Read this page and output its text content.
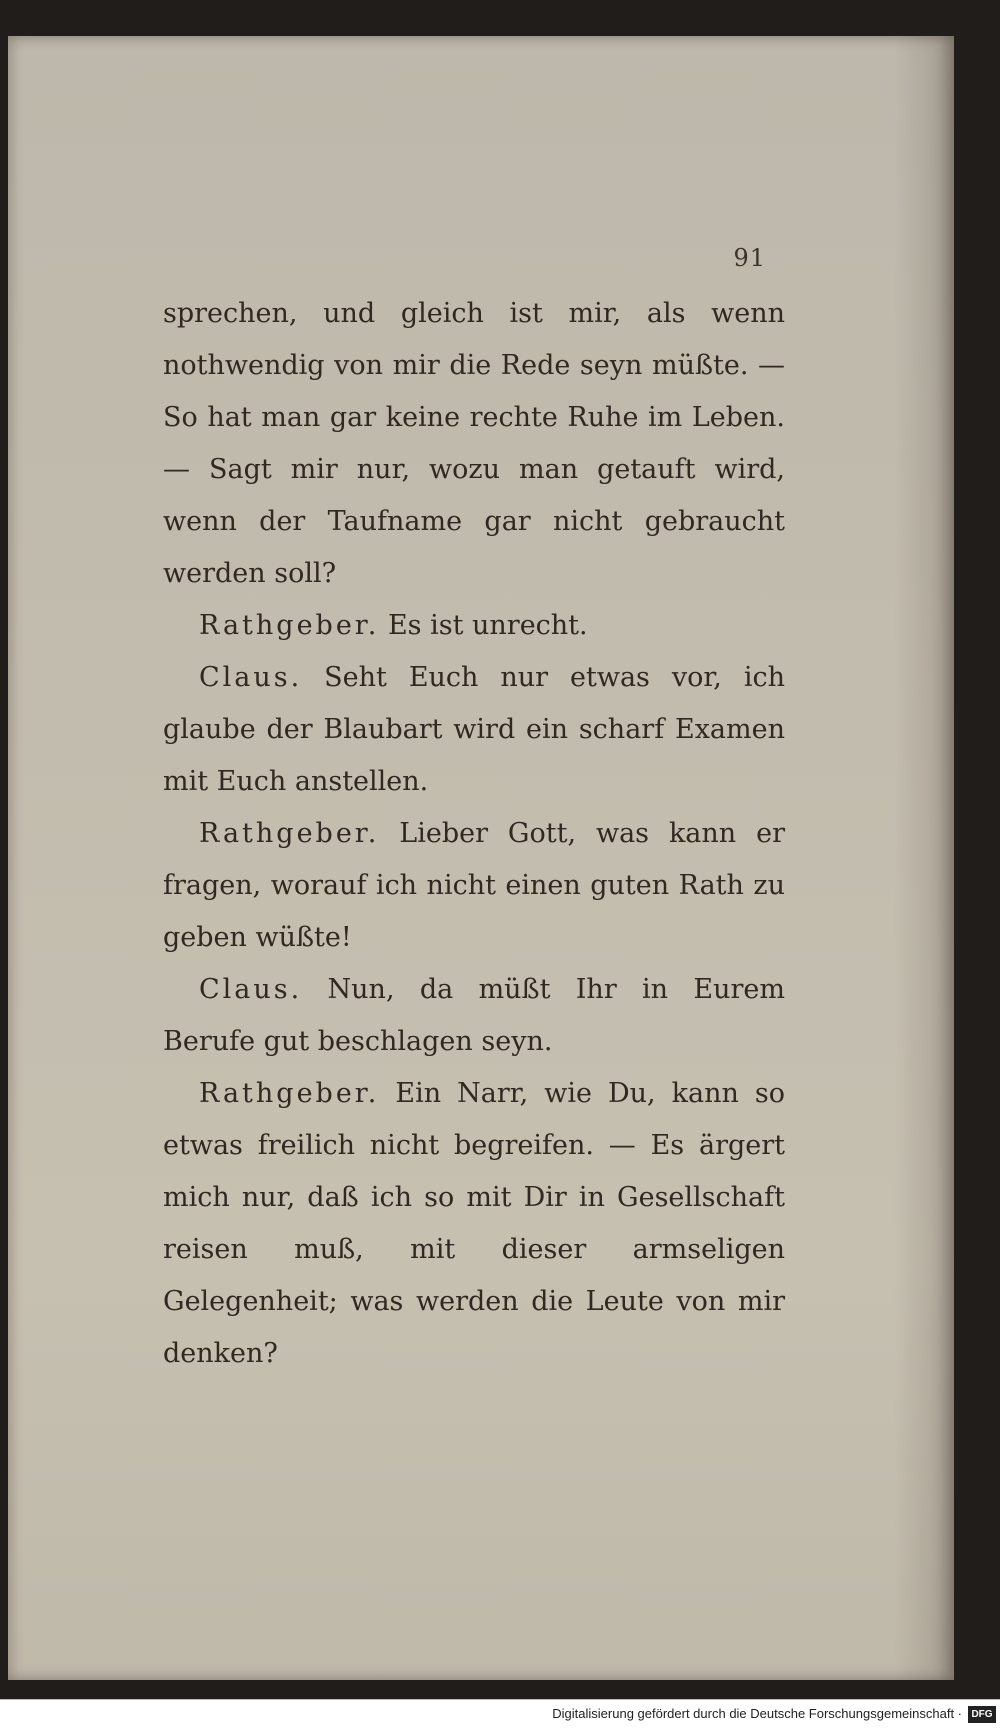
91

sprechen, und gleich ist mir, als wenn nothwendig von mir die Rede seyn müßte. — So hat man gar keine rechte Ruhe im Leben. — Sagt mir nur, wozu man getauft wird, wenn der Taufname gar nicht gebraucht werden soll?

Rathgeber. Es ist unrecht.

Claus. Seht Euch nur etwas vor, ich glaube der Blaubart wird ein scharf Examen mit Euch anstellen.

Rathgeber. Lieber Gott, was kann er fragen, worauf ich nicht einen guten Rath zu geben wüßte!

Claus. Nun, da müßt Ihr in Eurem Berufe gut beschlagen seyn.

Rathgeber. Ein Narr, wie Du, kann so etwas freilich nicht begreifen. — Es ärgert mich nur, daß ich so mit Dir in Gesellschaft reisen muß, mit dieser armseligen Gelegenheit; was werden die Leute von mir denken?

Digitalisierung gefördert durch die Deutsche Forschungsgemeinschaft · DFG
